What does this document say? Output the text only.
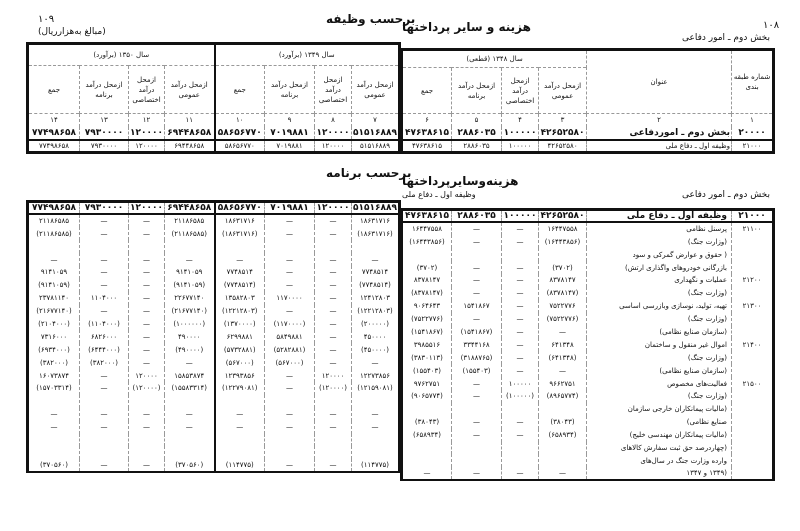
۱۰۸
بخش دوم ـ امور دفاعی
هزینه و سایر پرداختها
هزینه‌وسایرپرداختها
وظیفه اول ـ دفاع ملی	بخش دوم ـ امور دفاعی
۱۰۹
(مبالغ به‌هزارریال)
برحسب وظیفه
برحسب برنامه
شماره طبقه بندی	عنوان	سال ۱۳۴۸ (قطعی)			
		ازمحل درآمد عمومی	ازمحل درآمد اختصاصی	ازمحل درآمد برنامه	جمع
۱	۲	۳	۴	۵	۶
۲۰۰۰۰	بخش دوم ـ اموردفاعی	۴۲۶۵۲۵۸۰	۱۰۰۰۰۰	۲۸۸۶۰۳۵	۴۷۶۳۸۶۱۵
۲۱۰۰۰	وظیفه اول ـ دفاع ملی	۴۲۶۵۲۵۸۰	۱۰۰۰۰۰	۲۸۸۶۰۳۵	۴۷۶۳۸۶۱۵
سال ۱۳۴۹ (برآورد)				سال ۱۳۵۰ (برآورد)			
ازمحل درآمد عمومی	ازمحل درآمد اختصاصی	ازمحل درآمد برنامه	جمع	ازمحل درآمد عمومی	ازمحل درآمد اختصاصی	ازمحل درآمد برنامه	جمع
۷	۸	۹	۱۰	۱۱	۱۲	۱۳	۱۴
۵۱۵۱۶۸۸۹	۱۲۰۰۰۰	۷۰۱۹۸۸۱	۵۸۶۵۶۷۷۰	۶۹۴۴۸۶۵۸	۱۲۰۰۰۰	۷۹۳۰۰۰۰	۷۷۴۹۸۶۵۸
۵۱۵۱۶۸۸۹	۱۲۰۰۰۰	۷۰۱۹۸۸۱	۵۸۶۵۶۷۷۰	۶۹۴۴۸۶۵۸	۱۲۰۰۰۰	۷۹۳۰۰۰۰	۷۷۴۹۸۶۵۸
۲۱۰۰۰	وظیفه اول ـ دفاع ملی	۴۲۶۵۲۵۸۰	۱۰۰۰۰۰	۲۸۸۶۰۳۵	۴۷۶۳۸۶۱۵
۲۱۱۰۰	پرسنل نظامی	۱۶۴۴۷۵۵۸	—	—	۱۶۴۴۷۵۵۸
	(وزارت جنگ)	(۱۶۴۴۳۸۵۶)	—	—	(۱۶۴۴۳۸۵۶)
	( حقوق و عوارض گمرکی و سود				
	بازرگانی خودروهای واگذاری ارتش)	(۳۷۰۲)	—	—	(۳۷۰۲)
۲۱۲۰۰	عملیات و نگهداری	۸۳۷۸۱۴۷	—	—	۸۳۷۸۱۴۷
	(وزارت جنگ)	(۸۳۷۸۱۴۷)	—	—	(۸۳۷۸۱۴۷)
۲۱۳۰۰	تهیه، تولید، نوسازی وبازرسی اساسی	۷۵۲۲۷۷۶	—	۱۵۴۱۸۶۷	۹۰۶۴۶۴۳
	(وزارت جنگ)	(۷۵۲۲۷۷۶)	—	—	(۷۵۲۲۷۷۶)
	(سازمان صنایع نظامی)	—	—	(۱۵۴۱۸۶۷)	(۱۵۴۱۸۶۷)
۲۱۴۰۰	اموال غیر منقول و ساختمان	۶۴۱۳۴۸	—	۳۳۴۴۱۶۸	۳۹۸۵۵۱۶
	(وزارت جنگ)	(۶۴۱۳۴۸)	—	(۳۱۸۸۷۶۵)	(۳۸۳۰۱۱۳)
	(سازمان صنایع نظامی)	—	—	(۱۵۵۴۰۳)	(۱۵۵۴۰۳)
۲۱۵۰۰	فعالیت‌های مخصوص	۹۶۶۲۷۵۱	۱۰۰۰۰۰	—	۹۷۶۲۷۵۱
	(وزارت جنگ)	(۸۹۶۵۷۷۴)	(۱۰۰۰۰۰)	—	(۹۰۶۵۷۷۴)
	(مالیات پیمانکاران خارجی سازمان				
	صنایع نظامی)	(۳۸۰۴۳)	—	—	(۳۸۰۴۳)
	(مالیات پیمانکاران مهندسی خلیج)	(۶۵۸۹۳۴)	—	—	(۶۵۸۹۳۴)
	(چهاردرصد حق ثبت سفارش کالاهای				
	وارده وزارت جنگ در سال‌های				
	(۱۳۴۹ و ۱۳۴۷	—	—	—	—
۵۱۵۱۶۸۸۹	۱۲۰۰۰۰	۷۰۱۹۸۸۱	۵۸۶۵۶۷۷۰	۶۹۴۴۸۶۵۸	۱۲۰۰۰۰	۷۹۳۰۰۰۰	۷۷۴۹۸۶۵۸
۱۸۶۳۱۷۱۶	—	—	۱۸۶۳۱۷۱۶	۲۱۱۸۶۵۸۵	—	—	۲۱۱۸۶۵۸۵
(۱۸۶۳۱۷۱۶)	—	—	(۱۸۶۳۱۷۱۶)	(۲۱۱۸۶۵۸۵)	—	—	(۲۱۱۸۶۵۸۵)

—	—	—	—	—	—	—	—
۷۷۴۸۵۱۴	—	—	۷۷۴۸۵۱۴	۹۱۴۱۰۵۹	—	—	۹۱۴۱۰۵۹
(۷۷۴۸۵۱۴)	—	—	(۷۷۴۸۵۱۴)	(۹۱۴۱۰۵۹)	—	—	(۹۱۴۱۰۵۹)
۱۲۴۱۲۸۰۳	—	۱۱۷۰۰۰۰	۱۳۵۸۲۸۰۳	۲۲۶۷۷۱۴۰	—	۱۱۰۴۰۰۰	۲۳۷۸۱۱۴۰
(۱۲۲۱۲۸۰۳)	—	—	(۱۲۲۱۲۸۰۳)	(۲۱۶۷۷۱۴۰)	—	—	(۲۱۶۷۷۱۴۰)
(۲۰۰۰۰۰)	—	(۱۱۷۰۰۰۰)	(۱۳۷۰۰۰۰)	(۱۰۰۰۰۰۰)	—	(۱۱۰۴۰۰۰)	(۲۱۰۴۰۰۰)
۴۵۰۰۰۰	—	۵۸۴۹۸۸۱	۶۲۹۹۸۸۱	۴۹۰۰۰۰	—	۶۸۲۶۰۰۰	۷۳۱۶۰۰۰
(۴۵۰۰۰۰)	—	(۵۲۸۲۸۸۱)	(۵۷۳۲۸۸۱)	(۴۹۰۰۰۰)	—	(۶۴۴۴۰۰۰)	(۶۹۳۴۰۰۰)
—	—	(۵۶۷۰۰۰)	(۵۶۷۰۰۰)	—	—	(۳۸۲۰۰۰)	(۳۸۲۰۰۰)
۱۲۲۷۳۸۵۶	۱۲۰۰۰۰	—	۱۲۳۹۳۸۵۶	۱۵۸۵۳۸۷۴	۱۲۰۰۰۰	—	۱۶۰۷۳۸۷۴
(۱۲۱۵۹۰۸۱)	(۱۲۰۰۰۰)	—	(۱۲۲۷۹۰۸۱)	(۱۵۵۸۳۳۱۴)	(۱۲۰۰۰۰)	—	(۱۵۷۰۳۳۱۴)

—	—	—	—	—	—	—	—
—	—	—	—	—	—	—	—

(۱۱۴۷۷۵)	—	—	(۱۱۴۷۷۵)	(۳۷۰۵۶۰)	—	—	(۳۷۰۵۶۰)
